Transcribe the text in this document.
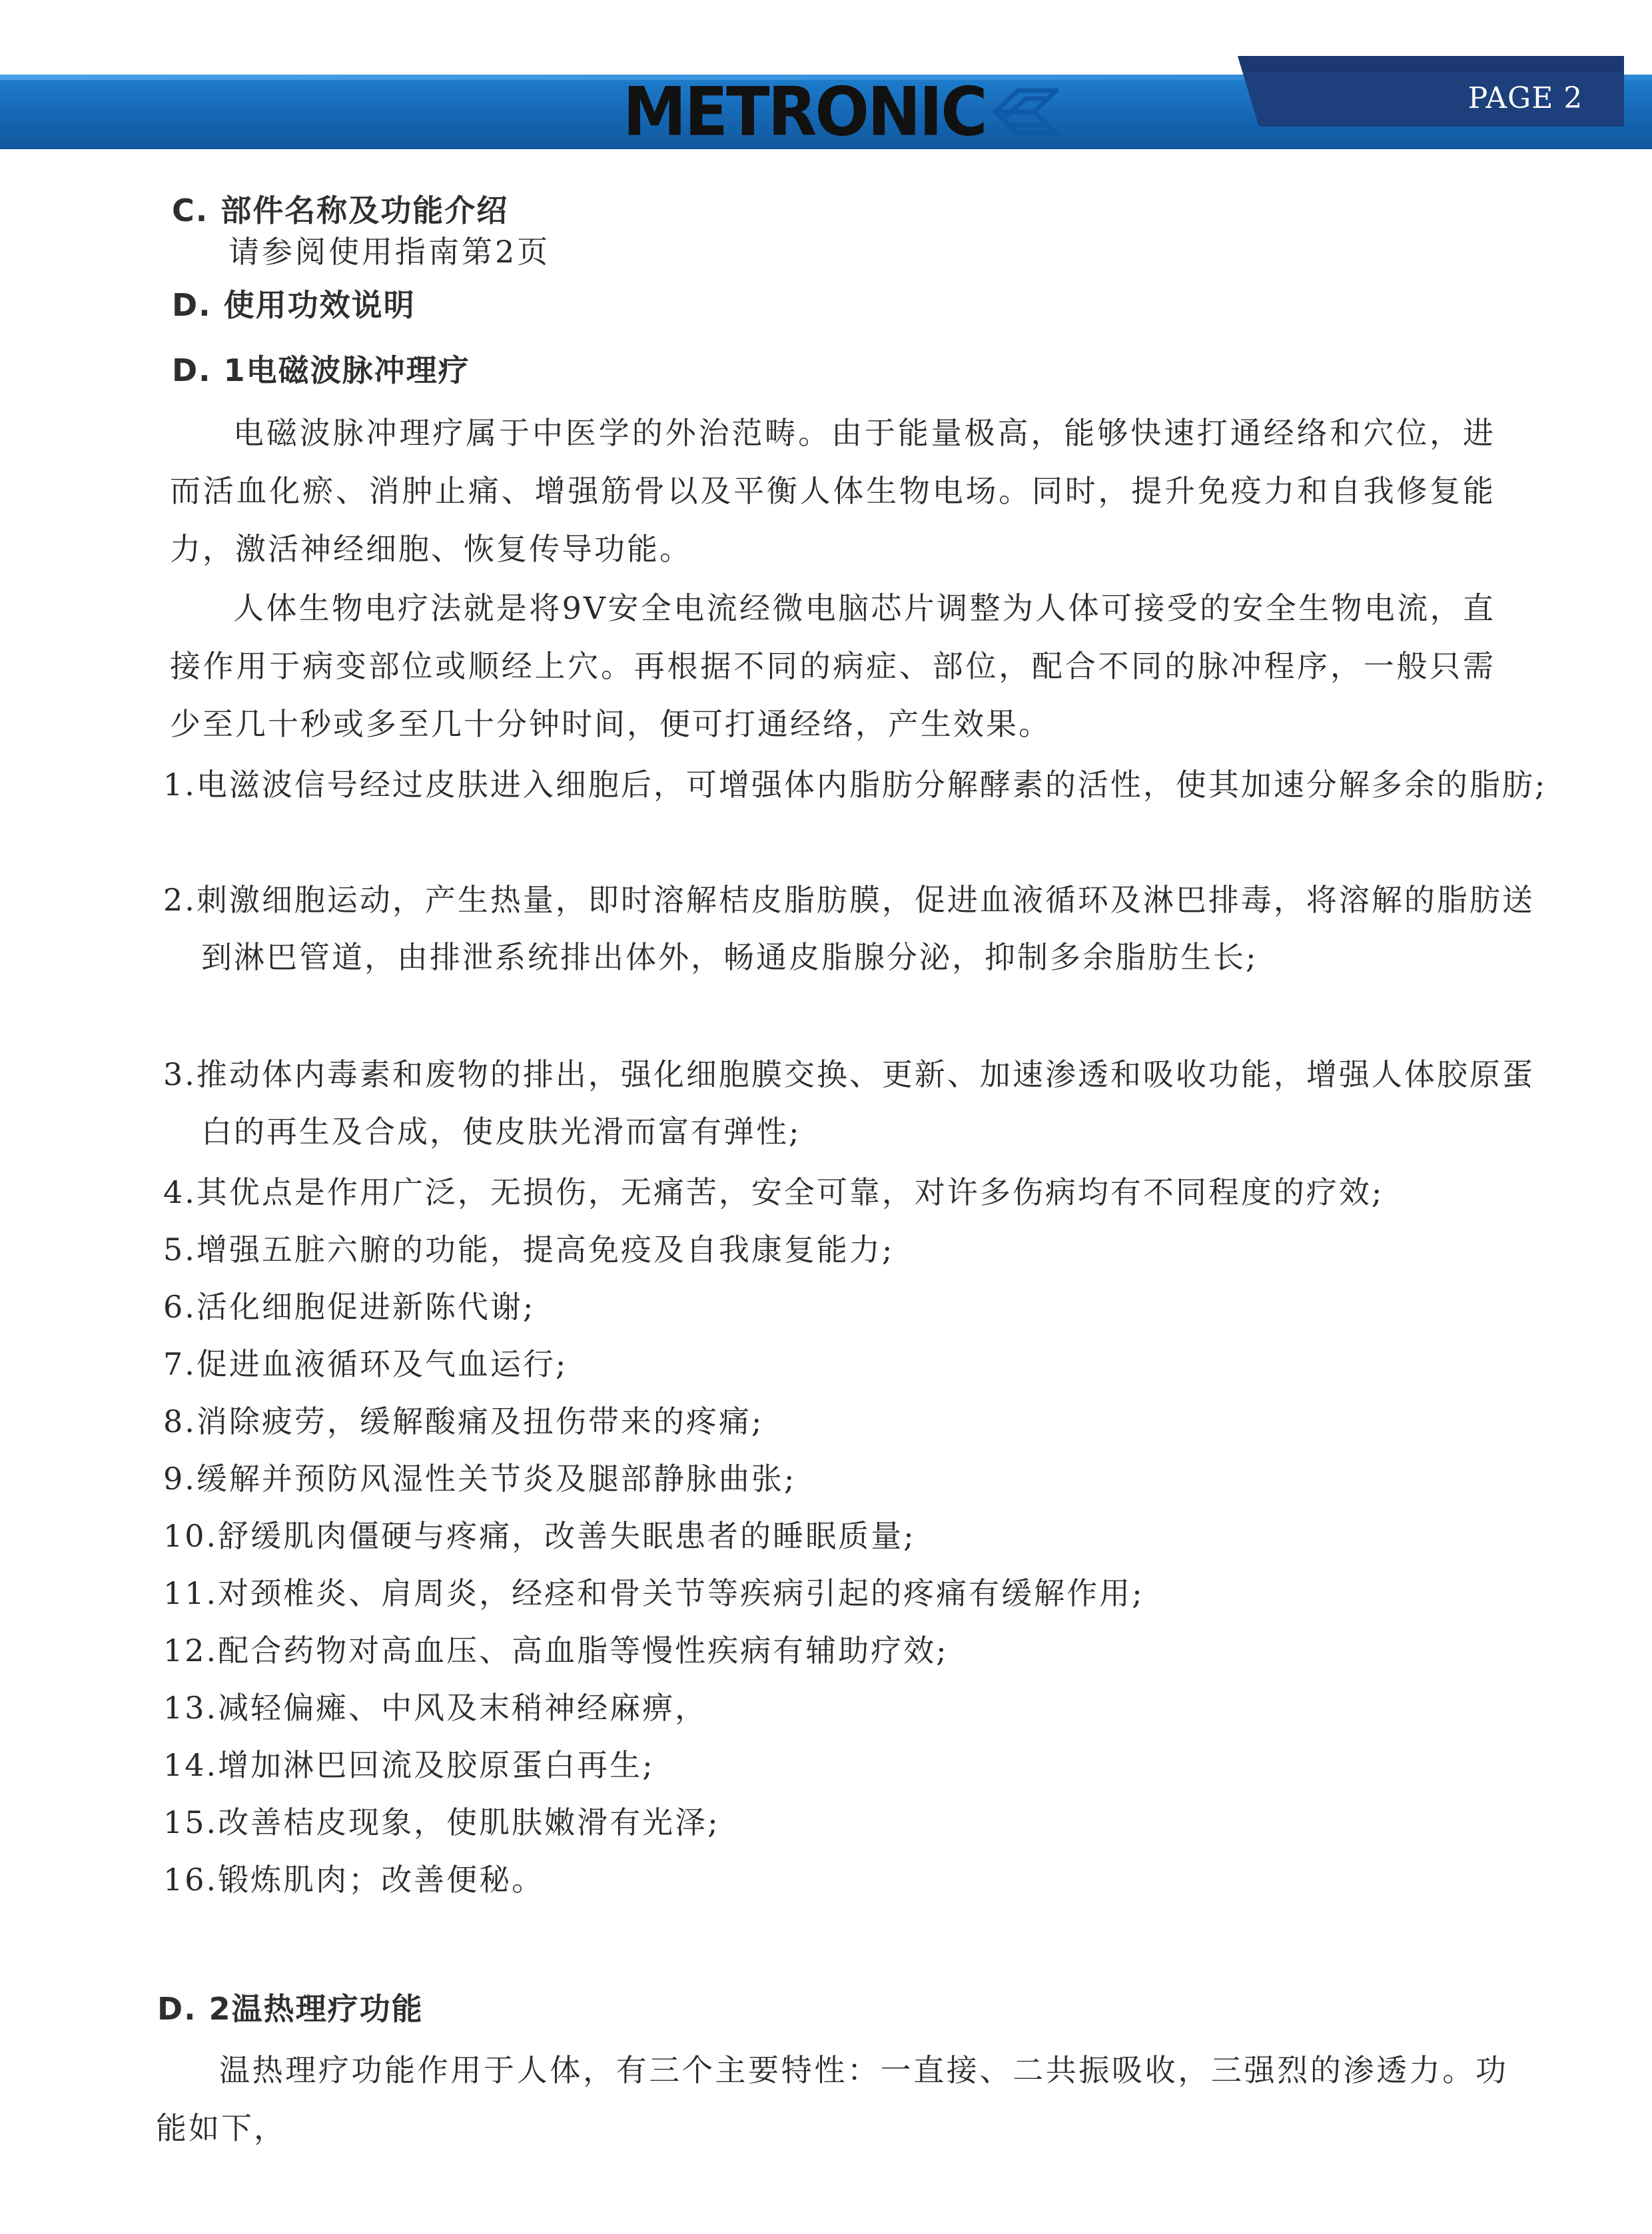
PAGE 2
METRONIC
C. 部件名称及功能介绍
请参阅使用指南第2页
D. 使用功效说明
D. 1电磁波脉冲理疗
电磁波脉冲理疗属于中医学的外治范畴。由于能量极高，能够快速打通经络和穴位，进而活血化瘀、消肿止痛、增强筋骨以及平衡人体生物电场。同时，提升免疫力和自我修复能力，激活神经细胞、恢复传导功能。
人体生物电疗法就是将9V安全电流经微电脑芯片调整为人体可接受的安全生物电流，直接作用于病变部位或顺经上穴。再根据不同的病症、部位，配合不同的脉冲程序，一般只需少至几十秒或多至几十分钟时间，便可打通经络，产生效果。
1.电滋波信号经过皮肤进入细胞后，可增强体内脂肪分解酵素的活性，使其加速分解多余的脂肪;
2.刺激细胞运动，产生热量，即时溶解桔皮脂肪膜，促进血液循环及淋巴排毒，将溶解的脂肪送到淋巴管道，由排泄系统排出体外，畅通皮脂腺分泌，抑制多余脂肪生长;
3.推动体内毒素和废物的排出，强化细胞膜交换、更新、加速渗透和吸收功能，增强人体胶原蛋白的再生及合成，使皮肤光滑而富有弹性;
4.其优点是作用广泛，无损伤，无痛苦，安全可靠，对许多伤病均有不同程度的疗效;
5.增强五脏六腑的功能，提高免疫及自我康复能力;
6.活化细胞促进新陈代谢;
7.促进血液循环及气血运行;
8.消除疲劳，缓解酸痛及扭伤带来的疼痛;
9.缓解并预防风湿性关节炎及腿部静脉曲张;
10.舒缓肌肉僵硬与疼痛，改善失眠患者的睡眠质量;
11.对颈椎炎、肩周炎，经痉和骨关节等疾病引起的疼痛有缓解作用;
12.配合药物对高血压、高血脂等慢性疾病有辅助疗效;
13.减轻偏瘫、中风及末稍神经麻痹，
14.增加淋巴回流及胶原蛋白再生;
15.改善桔皮现象，使肌肤嫩滑有光泽;
16.锻炼肌肉；改善便秘。
D. 2温热理疗功能
温热理疗功能作用于人体，有三个主要特性：一直接、二共振吸收，三强烈的渗透力。功能如下，
